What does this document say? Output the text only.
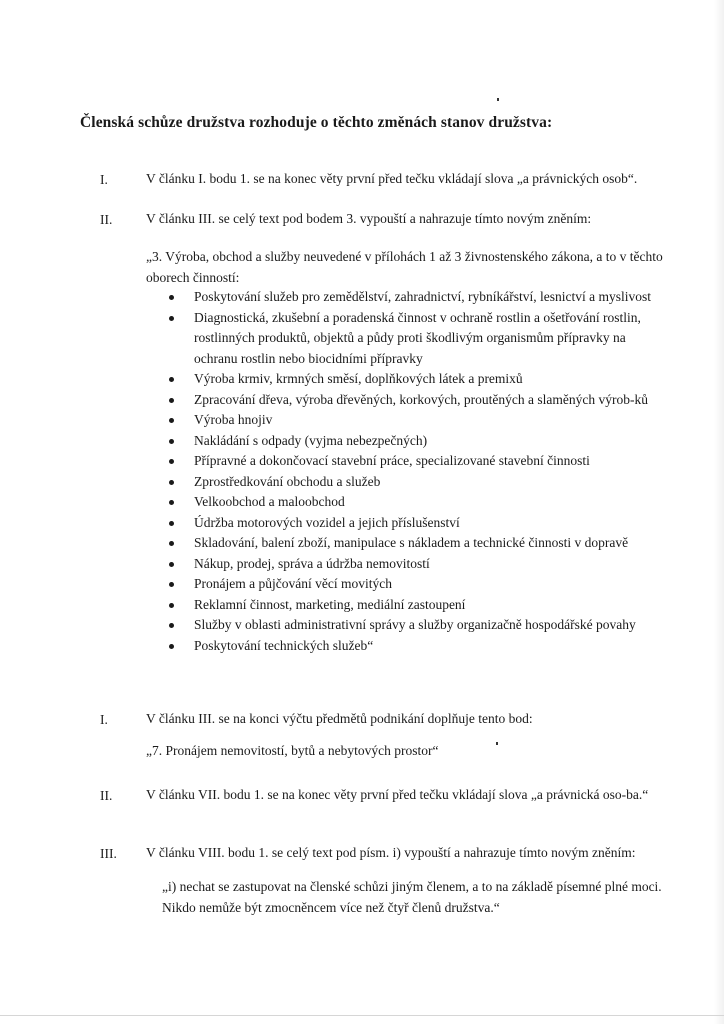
Členská schůze družstva rozhoduje o těchto změnách stanov družstva:
I.	V článku I. bodu 1. se na konec věty první před tečku vkládají slova „a právnických osob“.
II. V článku III. se celý text pod bodem 3. vypouští a nahrazuje tímto novým zněním:
„3. Výroba, obchod a služby neuvedené v přílohách 1 až 3 živnostenského zákona, a to v těchto oborech činností:
Poskytování služeb pro zemědělství, zahradnictví, rybníkářství, lesnictví a myslivost
Diagnostická, zkušební a poradenská činnost v ochraně rostlin a ošetřování rostlin, rostlinných produktů, objektů a půdy proti škodlivým organismům přípravky na ochranu rostlin nebo biocidními přípravky
Výroba krmiv, krmných směsí, doplňkových látek a premixů
Zpracování dřeva, výroba dřevěných, korkových, proutěných a slaměných výrob-ků
Výroba hnojiv
Nakládání s odpady (vyjma nebezpečných)
Přípravné a dokončovací stavební práce, specializované stavební činnosti
Zprostředkování obchodu a služeb
Velkoobchod a maloobchod
Údržba motorových vozidel a jejich příslušenství
Skladování, balení zboží, manipulace s nákladem a technické činnosti v dopravě
Nákup, prodej, správa a údržba nemovitostí
Pronájem a půjčování věcí movitých
Reklamní činnost, marketing, mediální zastoupení
Služby v oblasti administrativní správy a služby organizačně hospodářské povahy
Poskytování technických služeb“
I.	V článku III. se na konci výčtu předmětů podnikání doplňuje tento bod:
„7. Pronájem nemovitostí, bytů a nebytových prostor“
II. V článku VII. bodu 1. se na konec věty první před tečku vkládají slova „a právnická oso-ba.“
III. V článku VIII. bodu 1. se celý text pod písm. i) vypouští a nahrazuje tímto novým zněním:
„i) nechat se zastupovat na členské schůzi jiným členem, a to na základě písemné plné moci. Nikdo nemůže být zmocněncem více než čtyř členů družstva.“
